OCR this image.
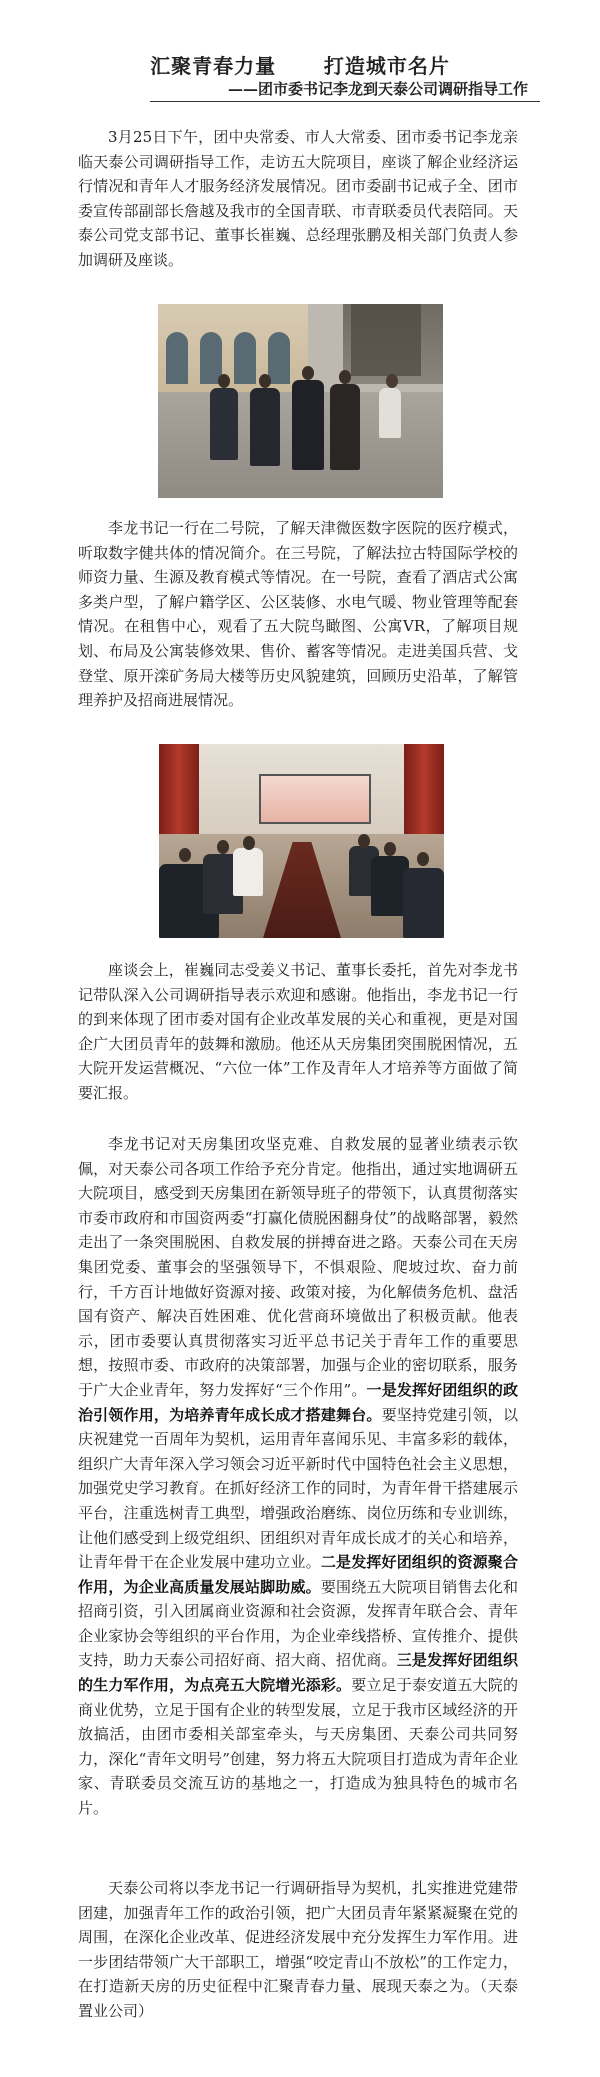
汇聚青春力量      打造城市名片
——团市委书记李龙到天泰公司调研指导工作

3月25日下午，团中央常委、市人大常委、团市委书记李龙亲临天泰公司调研指导工作，走访五大院项目，座谈了解企业经济运行情况和青年人才服务经济发展情况。团市委副书记戒子全、团市委宣传部副部长詹越及我市的全国青联、市青联委员代表陪同。天泰公司党支部书记、董事长崔巍、总经理张鹏及相关部门负责人参加调研及座谈。

李龙书记一行在二号院，了解天津微医数字医院的医疗模式，听取数字健共体的情况简介。在三号院，了解法拉古特国际学校的师资力量、生源及教育模式等情况。在一号院，查看了酒店式公寓多类户型，了解户籍学区、公区装修、水电气暖、物业管理等配套情况。在租售中心，观看了五大院鸟瞰图、公寓VR，了解项目规划、布局及公寓装修效果、售价、蓄客等情况。走进美国兵营、戈登堂、原开滦矿务局大楼等历史风貌建筑，回顾历史沿革，了解管理养护及招商进展情况。

座谈会上，崔巍同志受姜义书记、董事长委托，首先对李龙书记带队深入公司调研指导表示欢迎和感谢。他指出，李龙书记一行的到来体现了团市委对国有企业改革发展的关心和重视，更是对国企广大团员青年的鼓舞和激励。他还从天房集团突围脱困情况，五大院开发运营概况、“六位一体”工作及青年人才培养等方面做了简要汇报。

李龙书记对天房集团攻坚克难、自救发展的显著业绩表示钦佩，对天泰公司各项工作给予充分肯定。他指出，通过实地调研五大院项目，感受到天房集团在新领导班子的带领下，认真贯彻落实市委市政府和市国资两委“打赢化债脱困翻身仗”的战略部署，毅然走出了一条突围脱困、自救发展的拼搏奋进之路。天泰公司在天房集团党委、董事会的坚强领导下，不惧艰险、爬坡过坎、奋力前行，千方百计地做好资源对接、政策对接，为化解债务危机、盘活国有资产、解决百姓困难、优化营商环境做出了积极贡献。他表示，团市委要认真贯彻落实习近平总书记关于青年工作的重要思想，按照市委、市政府的决策部署，加强与企业的密切联系，服务于广大企业青年，努力发挥好“三个作用”。一是发挥好团组织的政治引领作用，为培养青年成长成才搭建舞台。要坚持党建引领，以庆祝建党一百周年为契机，运用青年喜闻乐见、丰富多彩的载体，组织广大青年深入学习领会习近平新时代中国特色社会主义思想，加强党史学习教育。在抓好经济工作的同时，为青年骨干搭建展示平台，注重选树青工典型，增强政治磨练、岗位历练和专业训练，让他们感受到上级党组织、团组织对青年成长成才的关心和培养，让青年骨干在企业发展中建功立业。二是发挥好团组织的资源聚合作用，为企业高质量发展站脚助威。要围绕五大院项目销售去化和招商引资，引入团属商业资源和社会资源，发挥青年联合会、青年企业家协会等组织的平台作用，为企业牵线搭桥、宣传推介、提供支持，助力天泰公司招好商、招大商、招优商。三是发挥好团组织的生力军作用，为点亮五大院增光添彩。要立足于泰安道五大院的商业优势，立足于国有企业的转型发展，立足于我市区域经济的开放搞活，由团市委相关部室牵头，与天房集团、天泰公司共同努力，深化“青年文明号”创建，努力将五大院项目打造成为青年企业家、青联委员交流互访的基地之一，打造成为独具特色的城市名片。

天泰公司将以李龙书记一行调研指导为契机，扎实推进党建带团建，加强青年工作的政治引领，把广大团员青年紧紧凝聚在党的周围，在深化企业改革、促进经济发展中充分发挥生力军作用。进一步团结带领广大干部职工，增强“咬定青山不放松”的工作定力，在打造新天房的历史征程中汇聚青春力量、展现天泰之为。（天泰置业公司）
